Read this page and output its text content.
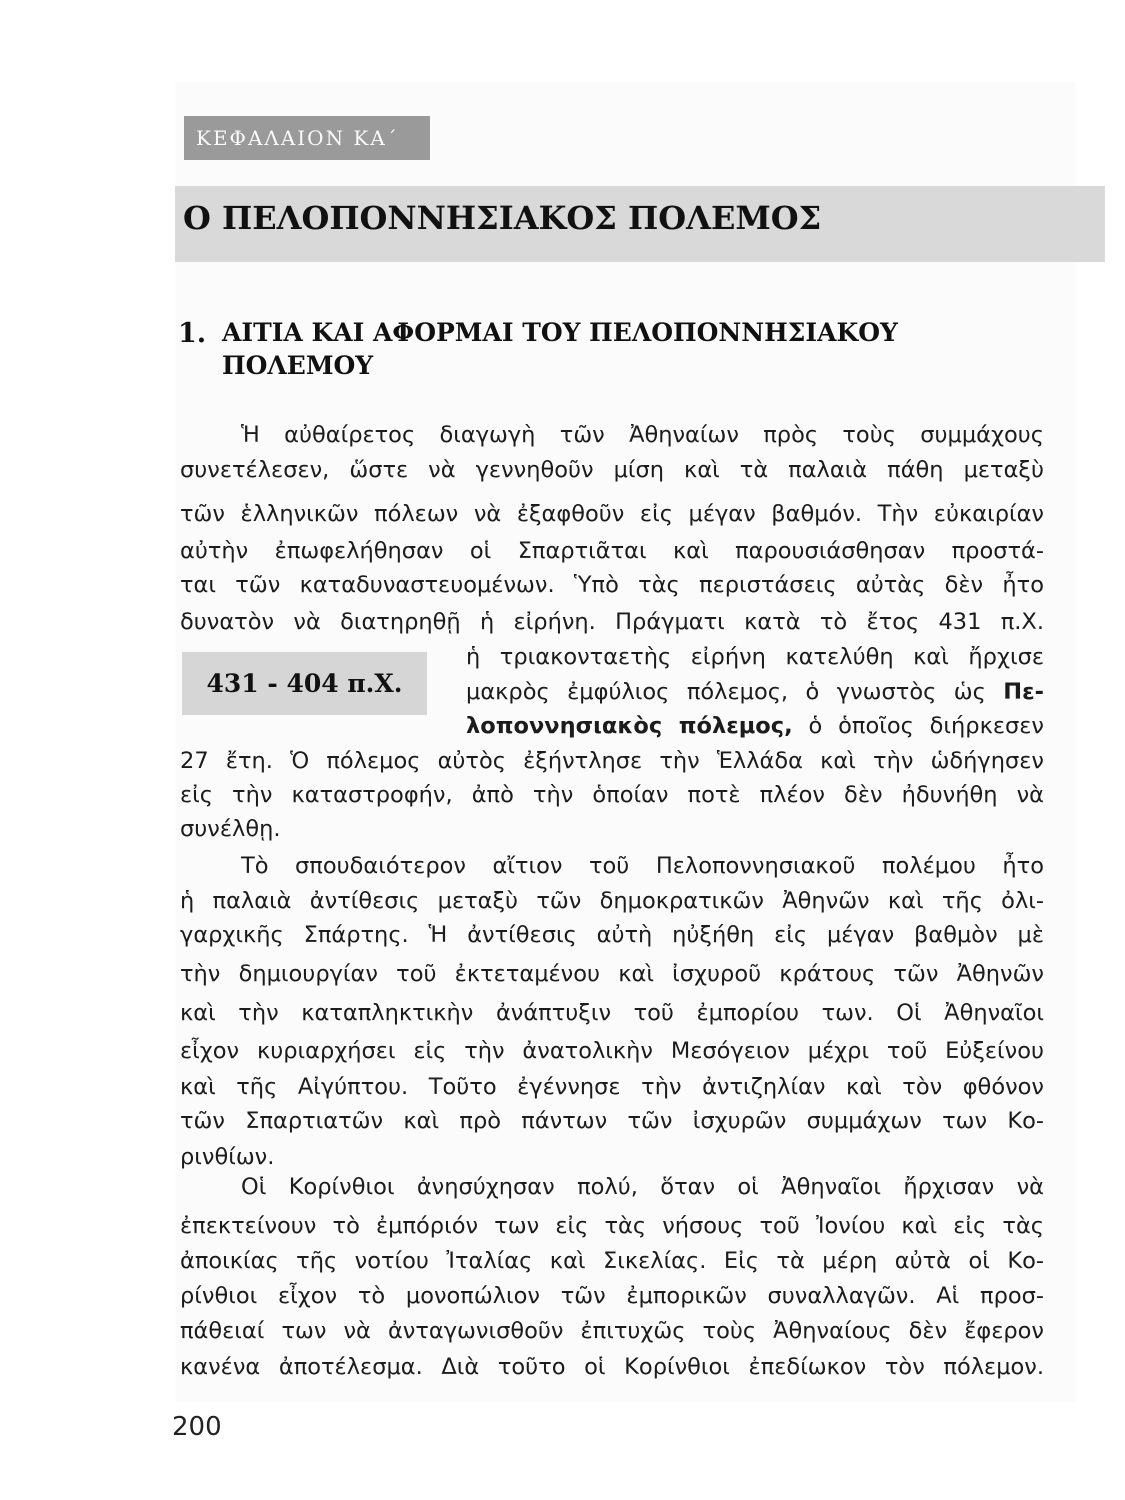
ΚΕΦΑΛΑΙΟΝ ΚΑ΄
Ο ΠΕΛΟΠΟΝΝΗΣΙΑΚΟΣ ΠΟΛΕΜΟΣ
1. ΑΙΤΙΑ ΚΑΙ ΑΦΟΡΜΑΙ ΤΟΥ ΠΕΛΟΠΟΝΝΗΣΙΑΚΟΥ ΠΟΛΕΜΟΥ
Ἡ αὐθαίρετος διαγωγὴ τῶν Ἀθηναίων πρὸς τοὺς συμμάχους
συνετέλεσεν, ὥστε νὰ γεννηθοῦν μίση καὶ τὰ παλαιὰ πάθη μεταξὺ
τῶν ἑλληνικῶν πόλεων νὰ ἐξαφθοῦν εἰς μέγαν βαθμόν. Τὴν εὐκαιρίαν
αὐτὴν ἐπωφελήθησαν οἱ Σπαρτιᾶται καὶ παρουσιάσθησαν προστά-
ται τῶν καταδυναστευομένων. Ὑπὸ τὰς περιστάσεις αὐτὰς δὲν ἦτο
δυνατὸν νὰ διατηρηθῇ ἡ εἰρήνη. Πράγματι κατὰ τὸ ἔτος 431 π.Χ.
431 - 404 π.Χ.
ἡ τριακονταετὴς εἰρήνη κατελύθη καὶ ἤρχισε
μακρὸς ἐμφύλιος πόλεμος, ὁ γνωστὸς ὡς Πε-
λοποννησιακὸς πόλεμος, ὁ ὁποῖος διήρκεσεν
27 ἔτη. Ὁ πόλεμος αὐτὸς ἐξήντλησε τὴν Ἑλλάδα καὶ τὴν ὡδήγησεν
εἰς τὴν καταστροφήν, ἀπὸ τὴν ὁποίαν ποτὲ πλέον δὲν ἠδυνήθη νὰ
συνέλθῃ.
Τὸ σπουδαιότερον αἴτιον τοῦ Πελοποννησιακοῦ πολέμου ἦτο
ἡ παλαιὰ ἀντίθεσις μεταξὺ τῶν δημοκρατικῶν Ἀθηνῶν καὶ τῆς ὀλι-
γαρχικῆς Σπάρτης. Ἡ ἀντίθεσις αὐτὴ ηὐξήθη εἰς μέγαν βαθμὸν μὲ
τὴν δημιουργίαν τοῦ ἐκτεταμένου καὶ ἰσχυροῦ κράτους τῶν Ἀθηνῶν
καὶ τὴν καταπληκτικὴν ἀνάπτυξιν τοῦ ἐμπορίου των. Οἱ Ἀθηναῖοι
εἶχον κυριαρχήσει εἰς τὴν ἀνατολικὴν Μεσόγειον μέχρι τοῦ Εὐξείνου
καὶ τῆς Αἰγύπτου. Τοῦτο ἐγέννησε τὴν ἀντιζηλίαν καὶ τὸν φθόνον
τῶν Σπαρτιατῶν καὶ πρὸ πάντων τῶν ἰσχυρῶν συμμάχων των Κο-
ρινθίων.
Οἱ Κορίνθιοι ἀνησύχησαν πολύ, ὅταν οἱ Ἀθηναῖοι ἤρχισαν νὰ
ἐπεκτείνουν τὸ ἐμπόριόν των εἰς τὰς νήσους τοῦ Ἰονίου καὶ εἰς τὰς
ἀποικίας τῆς νοτίου Ἰταλίας καὶ Σικελίας. Εἰς τὰ μέρη αὐτὰ οἱ Κο-
ρίνθιοι εἶχον τὸ μονοπώλιον τῶν ἐμπορικῶν συναλλαγῶν. Αἱ προσ-
πάθειαί των νὰ ἀνταγωνισθοῦν ἐπιτυχῶς τοὺς Ἀθηναίους δὲν ἔφερον
κανένα ἀποτέλεσμα. Διὰ τοῦτο οἱ Κορίνθιοι ἐπεδίωκον τὸν πόλεμον.
200
